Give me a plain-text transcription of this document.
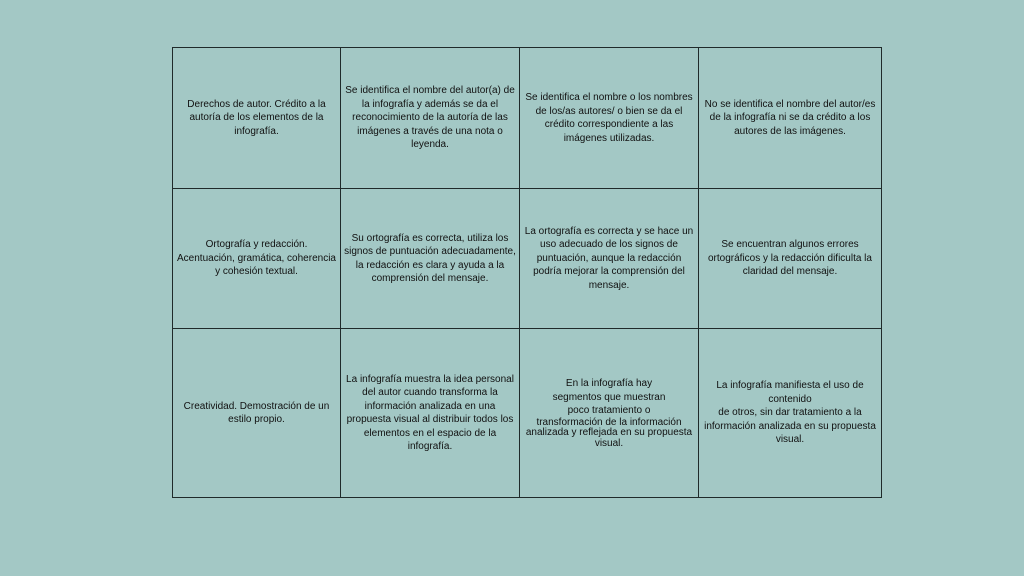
Derechos de autor. Crédito a la autoría de los elementos de la infografía.	Se identifica el nombre del autor(a) de la infografía y además se da el reconocimiento de la autoría de las imágenes a través de una nota o leyenda.	Se identifica el nombre o los nombres de los/as autores/ o bien se da el crédito correspondiente a las imágenes utilizadas.	No se identifica el nombre del autor/es de la infografía ni se da crédito a los autores de las imágenes.

Ortografía y redacción. Acentuación, gramática, coherencia y cohesión textual.	Su ortografía es correcta, utiliza los signos de puntuación adecuadamente, la redacción es clara y ayuda a la comprensión del mensaje.	La ortografía es correcta y se hace un uso adecuado de los signos de puntuación, aunque la redacción podría mejorar la comprensión del mensaje.	Se encuentran algunos errores ortográficos y la redacción dificulta la claridad del mensaje.

Creatividad. Demostración de un estilo propio.	La infografía muestra la idea personal del autor cuando transforma la información analizada en una propuesta visual al distribuir todos los elementos en el espacio de la infografía.	En la infografía hay
segmentos que muestran
poco tratamiento o
transformación de la información analizada y reflejada en su propuesta visual.	La infografía manifiesta el uso de contenido
de otros, sin dar tratamiento a la información analizada en su propuesta visual.
